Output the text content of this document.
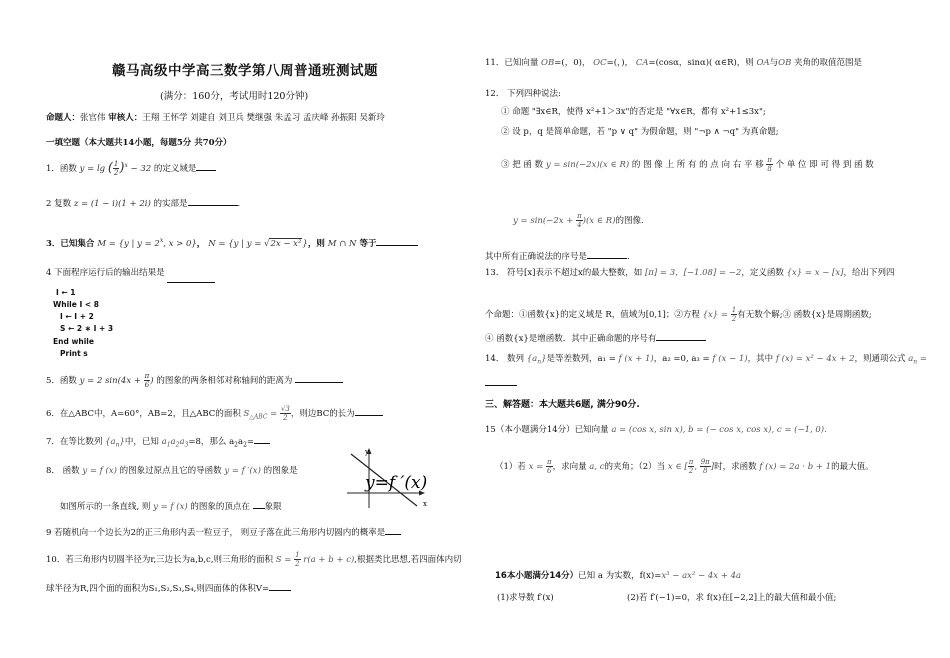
赣马高级中学高三数学第八周普通班测试题
(满分：160分，考试用时120分钟)
命题人：张官伟 审核人：王翔 王怀学 刘建自 刘卫兵 樊继强 朱孟习 孟庆峰 孙振阳 吴新玲
一填空题（本大题共14小题，每题5分 共70分）
1．函数 y = lg ( $\frac{1}{2} )^x - 32$ 的定义域是
2 复数 z = (1 − i)(1 + 2i) 的实部是	.
3．已知集合 M = {y | $y = 2^x$, x > 0}， N = {y | y = √2x − x²}，则 M ∩ N 等于
4 下面程序运行后的输出结果是
I ← 1
While I < 8
I ← I + 2
S ← 2 ∗ I + 3
End while
Print s
5．函数 y = 2 $\sin(4x + \frac{\pi}{6}$ ) 的图象的两条相邻对称轴间的距离为
6．在△ABC中，A=60°，AB=2，且△ABC的面积 $S_{\triangle ABC} = \frac{√3}{2}$ ，则边BC的长为
7．在等比数列 $\{a_n\}$中，已知 $a_1a_2a_3=8$，那么 $a_2a_2=$
8． 函数 y = f (x) 的图象过原点且它的导函数 y = f ′(x) 的图象是
如图所示的一条直线, 则 y = f (x) 的图象的顶点在 象限
9 若随机向一个边长为2的正三角形内丢一粒豆子， 则豆子落在此三角形内切圆内的概率是
10．若三角形内切圆半径为r,三边长为a,b,c,则三角形的面积 $S = \frac{1}{2} r(a + b + c)$,根据类比思想,若四面体内切
球半径为R,四个面的面积为S₁,S₂,S₃,S₄,则四面体的体积V=
y
x
y=f ′(x)
11．已知向量 OB=(，0)， OC=(，)， CA=(cosα，sinα)( α∈R)，则 OA与OB 夹角的取值范围是
12． 下列四种说法:
① 命题 "∃x∈R，使得 x²+1＞3x"的否定是 "∀x∈R，都有 x²+1≤3x";
② 设 p，q 是简单命题，若 "p ∨ q" 为假命题，则 "¬p ∧ ¬q" 为真命题;
③ 把 函 数 y = sin(−2x)(x ∈ R) 的 图 像 上 所 有 的 点 向 右 平 移 $\frac{\pi}{8}$ 个 单 位 即 可 得 到 函 数
$y = \sin(-2x + \frac{\pi}{4} )(x$ ∈ R)的图像.
其中所有正确说法的序号是	.
13． 符号[x]表示不超过x的最大整数，如 [π] = 3，[−1.08] = −2，定义函数 {x} = x − [x]，给出下列四
个命题：①函数{x}的定义域是 R，值域为[0,1]；②方程 $\{x\} = \frac{1}{2}$ 有无数个解;③ 函数{x}是周期函数;
④ 函数{x}是增函数．其中正确命题的序号有
14． 数列 $\{a_n\}$是等差数列，a₁ = f (x + 1)，a₂ =0, a₃ = f (x − 1)，其中 f (x) = x² − 4x + 2，则通项公式 $a_n$ =
三、解答题：本大题共6题, 满分90分.
15（本小题满分14分）已知向量 a = (cos x, sin x), b = (− cos x, cos x), c = (−1, 0).
（1）若 $x = \frac{\pi}{6}$ ，求向量 a, c的夹角；（2）当 x ∈ [ $\frac{\pi}{2}$ , $\frac{9\pi}{8}$ ]时，求函数 f (x) = 2a · b + 1的最大值。
16本小题满分14分）已知 a 为实数，f(x)=x³ − ax² − 4x + 4a
(1)求导数 f′(x)	(2)若 f′(−1)=0，求 f(x)在[−2,2]上的最大值和最小值;
